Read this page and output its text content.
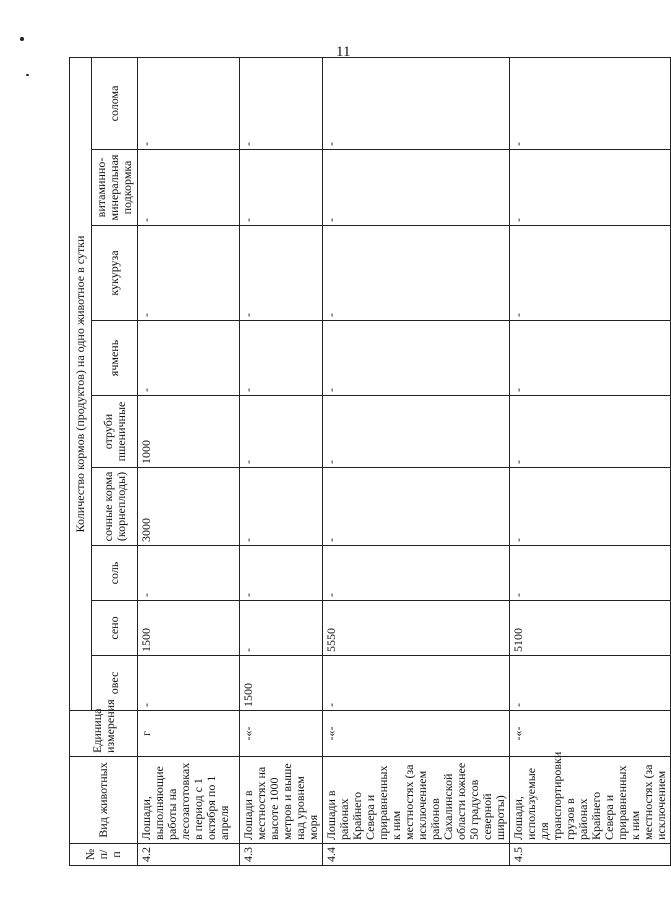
11
№ п/п	Вид животных	Единица измерения	Количество кормов (продуктов) на одно животное в сутки								
			овес	сено	соль	сочные корма (корнеплоды)	отруби пшеничные	ячмень	кукуруза	витаминно-минеральная подкормка	солома
4.2	Лошади, выполняющие работы на лесозаготовках в период с 1 октября по 1 апреля	г	-	1500	-	3000	1000	-	-	-	-
4.3	Лошади в местностях на высоте 1000 метров и выше над уровнем моря	-«-	1500	-	-	-	-	-	-	-	-
4.4	Лошади в районах Крайнего Севера и приравненных к ним местностях (за исключением районов Сахалинской области южнее 50 градусов северной широты)	-«-	-	5550	-	-	-	-	-	-	-
4.5	Лошади, используемые для транспортировки грузов в районах Крайнего Севера и приравненных к ним местностях (за исключением	-«-	-	5100	-	-	-	-	-	-	-
